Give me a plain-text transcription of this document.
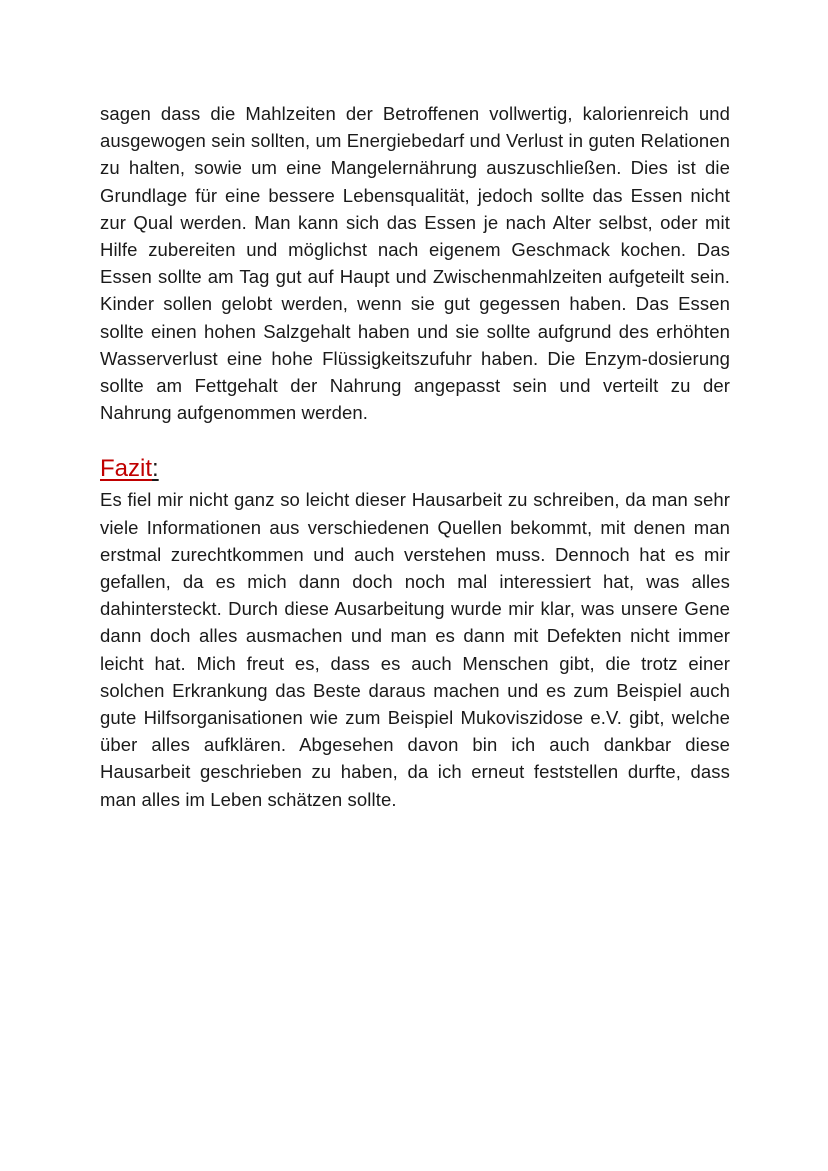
sagen dass die Mahlzeiten der Betroffenen vollwertig, kalorienreich und ausgewogen sein sollten, um Energiebedarf und Verlust in guten Relationen zu halten, sowie um eine Mangelernährung auszuschließen. Dies ist die Grundlage für eine bessere Lebensqualität, jedoch sollte das Essen nicht zur Qual werden. Man kann sich das Essen je nach Alter selbst, oder mit Hilfe zubereiten und möglichst nach eigenem Geschmack kochen. Das Essen sollte am Tag gut auf Haupt und Zwischenmahlzeiten aufgeteilt sein. Kinder sollen gelobt werden, wenn sie gut gegessen haben. Das Essen sollte einen hohen Salzgehalt haben und sie sollte aufgrund des erhöhten Wasserverlust eine hohe Flüssigkeitszufuhr haben. Die Enzym-dosierung sollte am Fettgehalt der Nahrung angepasst sein und verteilt zu der Nahrung aufgenommen werden.

Fazit:

Es fiel mir nicht ganz so leicht dieser Hausarbeit zu schreiben, da man sehr viele Informationen aus verschiedenen Quellen bekommt, mit denen man erstmal zurechtkommen und auch verstehen muss. Dennoch hat es mir gefallen, da es mich dann doch noch mal interessiert hat, was alles dahintersteckt. Durch diese Ausarbeitung wurde mir klar, was unsere Gene dann doch alles ausmachen und man es dann mit Defekten nicht immer leicht hat. Mich freut es, dass es auch Menschen gibt, die trotz einer solchen Erkrankung das Beste daraus machen und es zum Beispiel auch gute Hilfsorganisationen wie zum Beispiel Mukoviszidose e.V. gibt, welche über alles aufklären. Abgesehen davon bin ich auch dankbar diese Hausarbeit geschrieben zu haben, da ich erneut feststellen durfte, dass man alles im Leben schätzen sollte.
